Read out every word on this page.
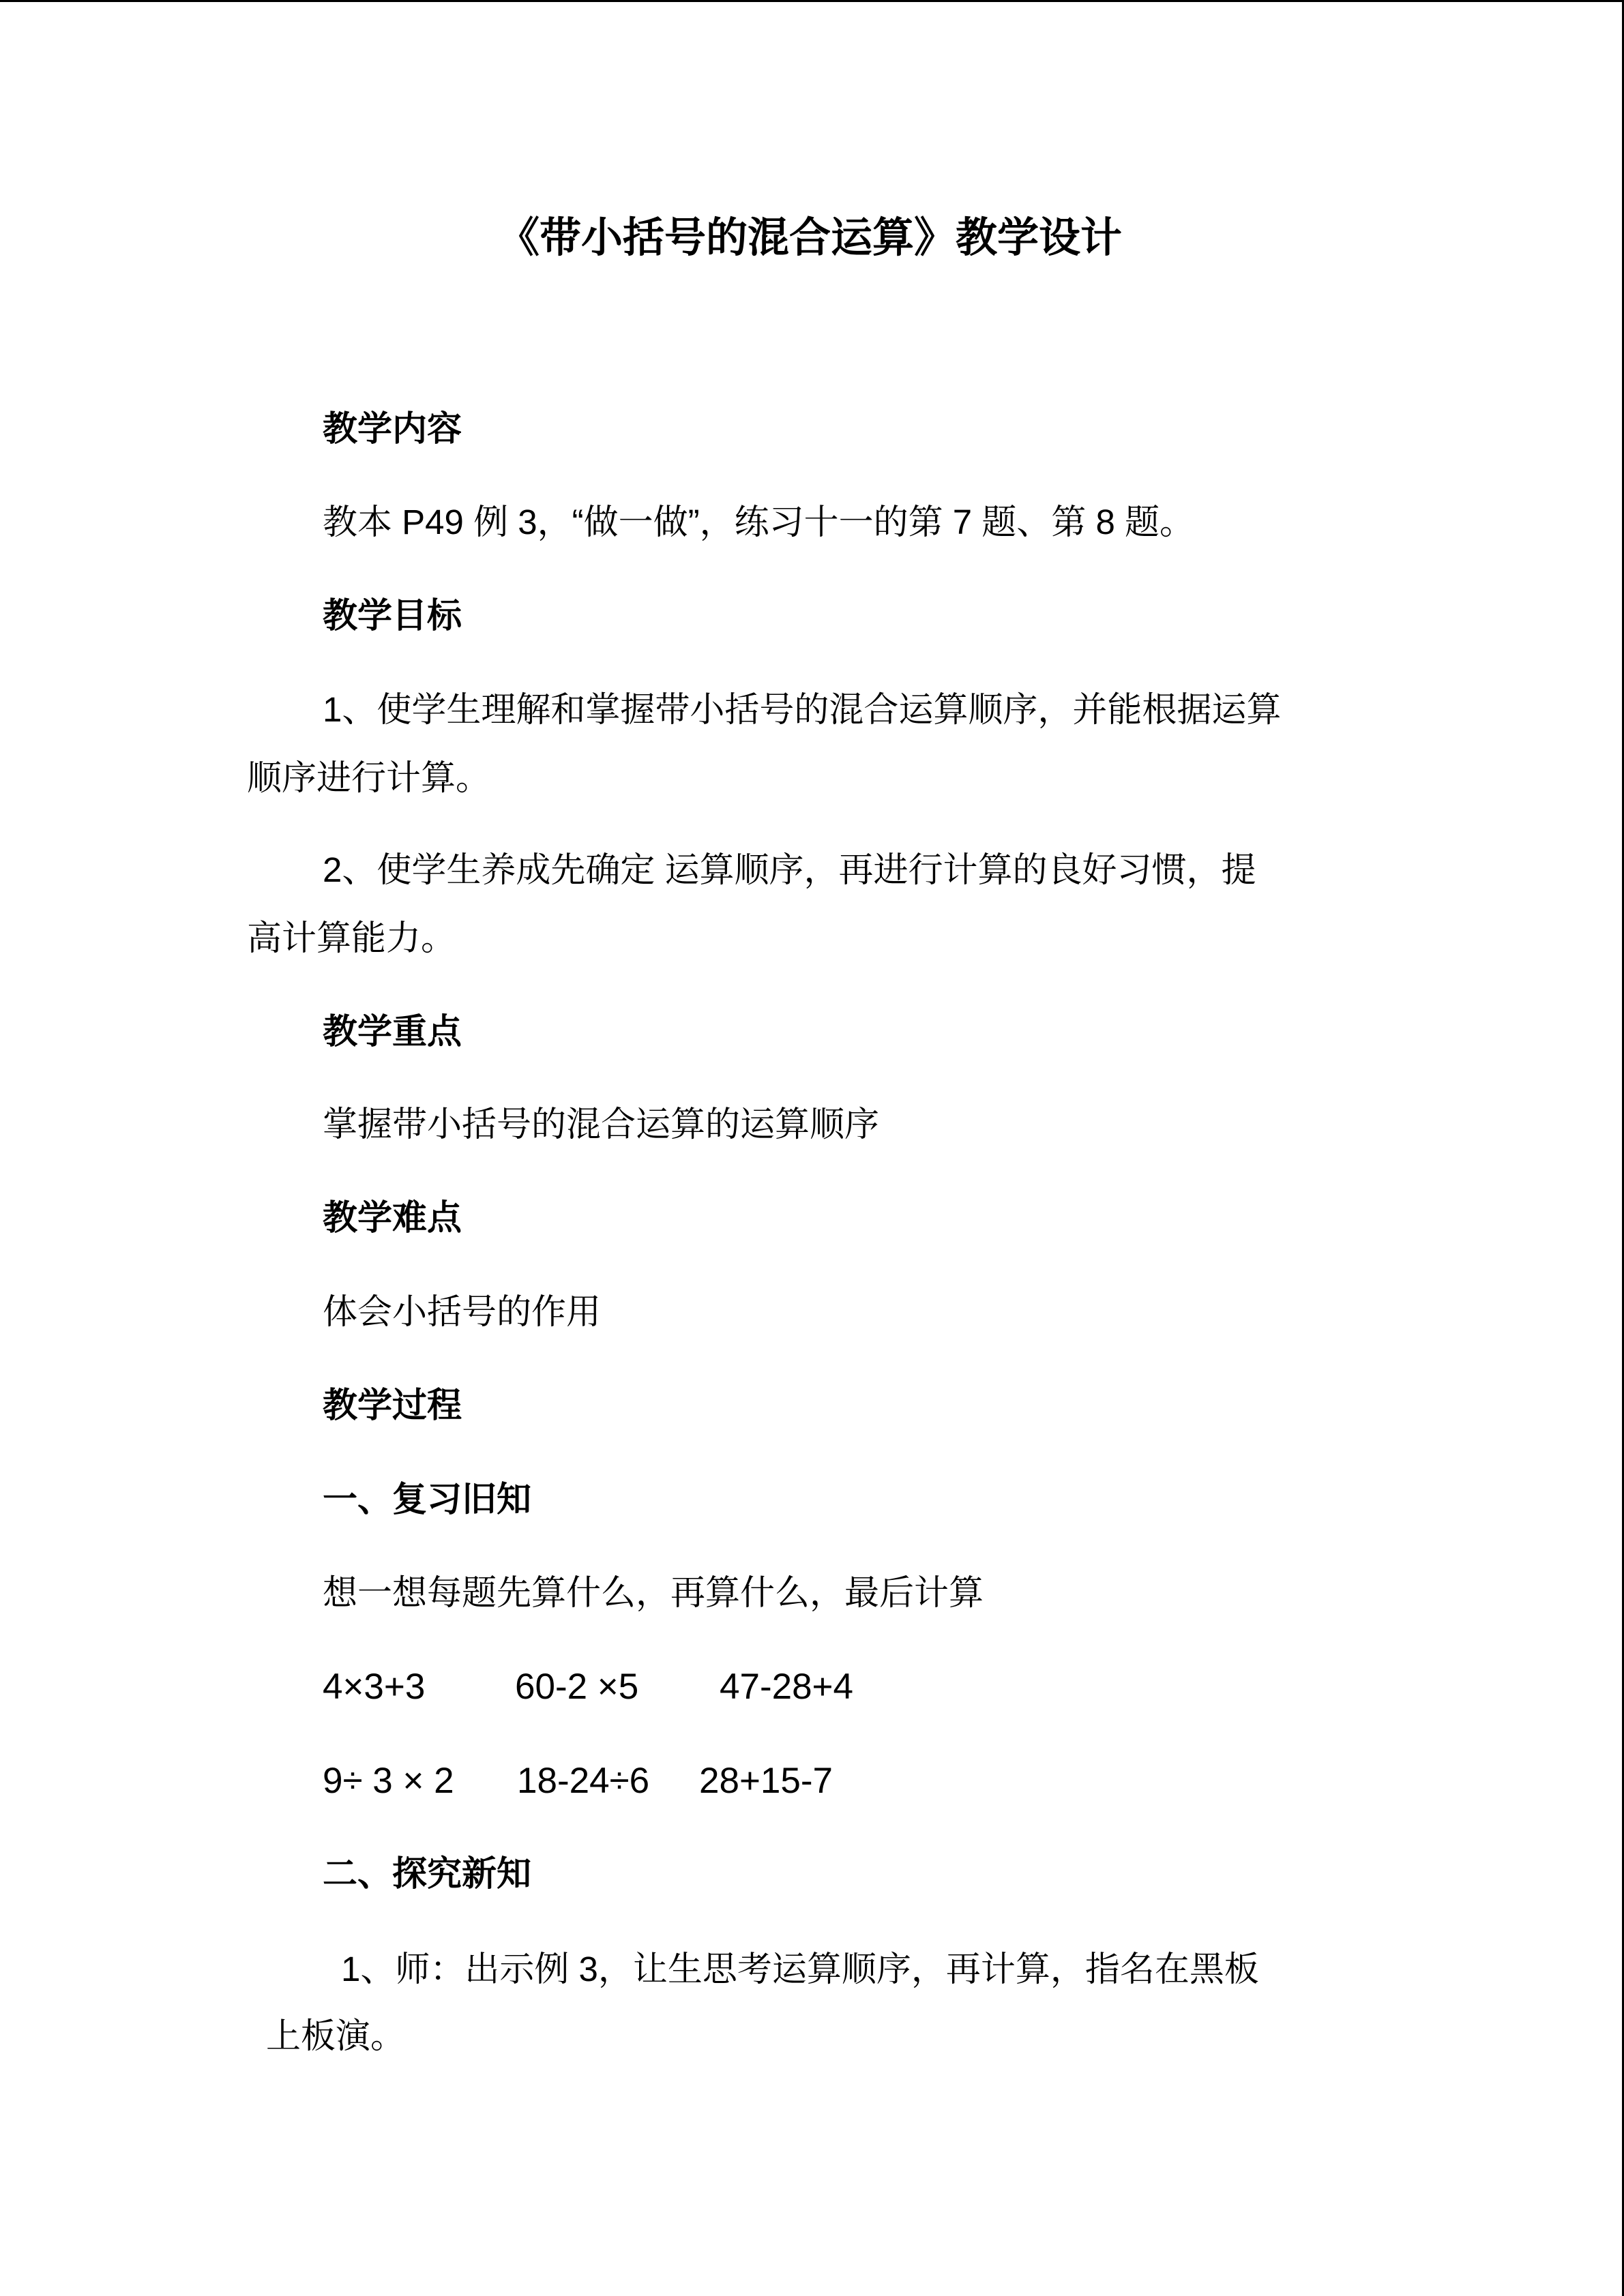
《带小括号的混合运算》教学设计
教学内容
教本 P49 例 3，“做一做”，练习十一的第 7 题、第 8 题。
教学目标
1、使学生理解和掌握带小括号的混合运算顺序，并能根据运算
顺序进行计算。
2、使学生养成先确定 运算顺序，再进行计算的良好习惯，提
高计算能力。
教学重点
掌握带小括号的混合运算的运算顺序
教学难点
体会小括号的作用
教学过程
一、复习旧知
想一想每题先算什么，再算什么，最后计算
4×3+3 60-2 ×5 47-28+4
9÷ 3 × 2 18-24÷6 28+15-7
二、探究新知
1、师：出示例 3，让生思考运算顺序，再计算，指名在黑板
上板演。
